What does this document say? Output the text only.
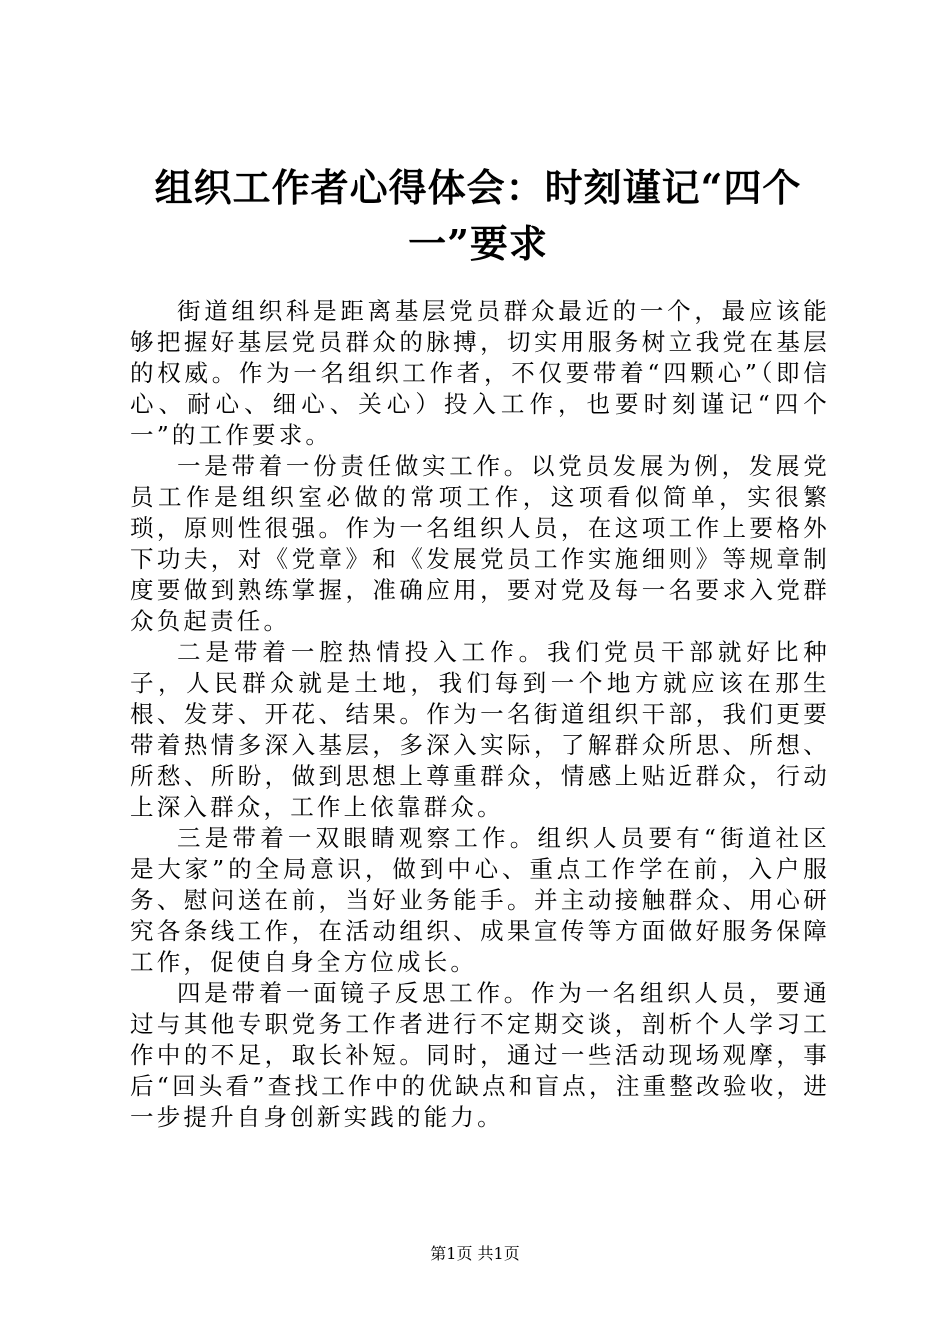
组织工作者心得体会：时刻谨记“四个一”要求

街道组织科是距离基层党员群众最近的一个，最应该能够把握好基层党员群众的脉搏，切实用服务树立我党在基层的权威。作为一名组织工作者，不仅要带着“四颗心”（即信心、耐心、细心、关心）投入工作，也要时刻谨记“四个一”的工作要求。

一是带着一份责任做实工作。以党员发展为例，发展党员工作是组织室必做的常项工作，这项看似简单，实很繁琐，原则性很强。作为一名组织人员，在这项工作上要格外下功夫，对《党章》和《发展党员工作实施细则》等规章制度要做到熟练掌握，准确应用，要对党及每一名要求入党群众负起责任。

二是带着一腔热情投入工作。我们党员干部就好比种子，人民群众就是土地，我们每到一个地方就应该在那生根、发芽、开花、结果。作为一名街道组织干部，我们更要带着热情多深入基层，多深入实际，了解群众所思、所想、所愁、所盼，做到思想上尊重群众，情感上贴近群众，行动上深入群众，工作上依靠群众。

三是带着一双眼睛观察工作。组织人员要有“街道社区是大家”的全局意识，做到中心、重点工作学在前，入户服务、慰问送在前，当好业务能手。并主动接触群众、用心研究各条线工作，在活动组织、成果宣传等方面做好服务保障工作，促使自身全方位成长。

四是带着一面镜子反思工作。作为一名组织人员，要通过与其他专职党务工作者进行不定期交谈，剖析个人学习工作中的不足，取长补短。同时，通过一些活动现场观摩，事后“回头看”查找工作中的优缺点和盲点，注重整改验收，进一步提升自身创新实践的能力。

第1页 共1页
